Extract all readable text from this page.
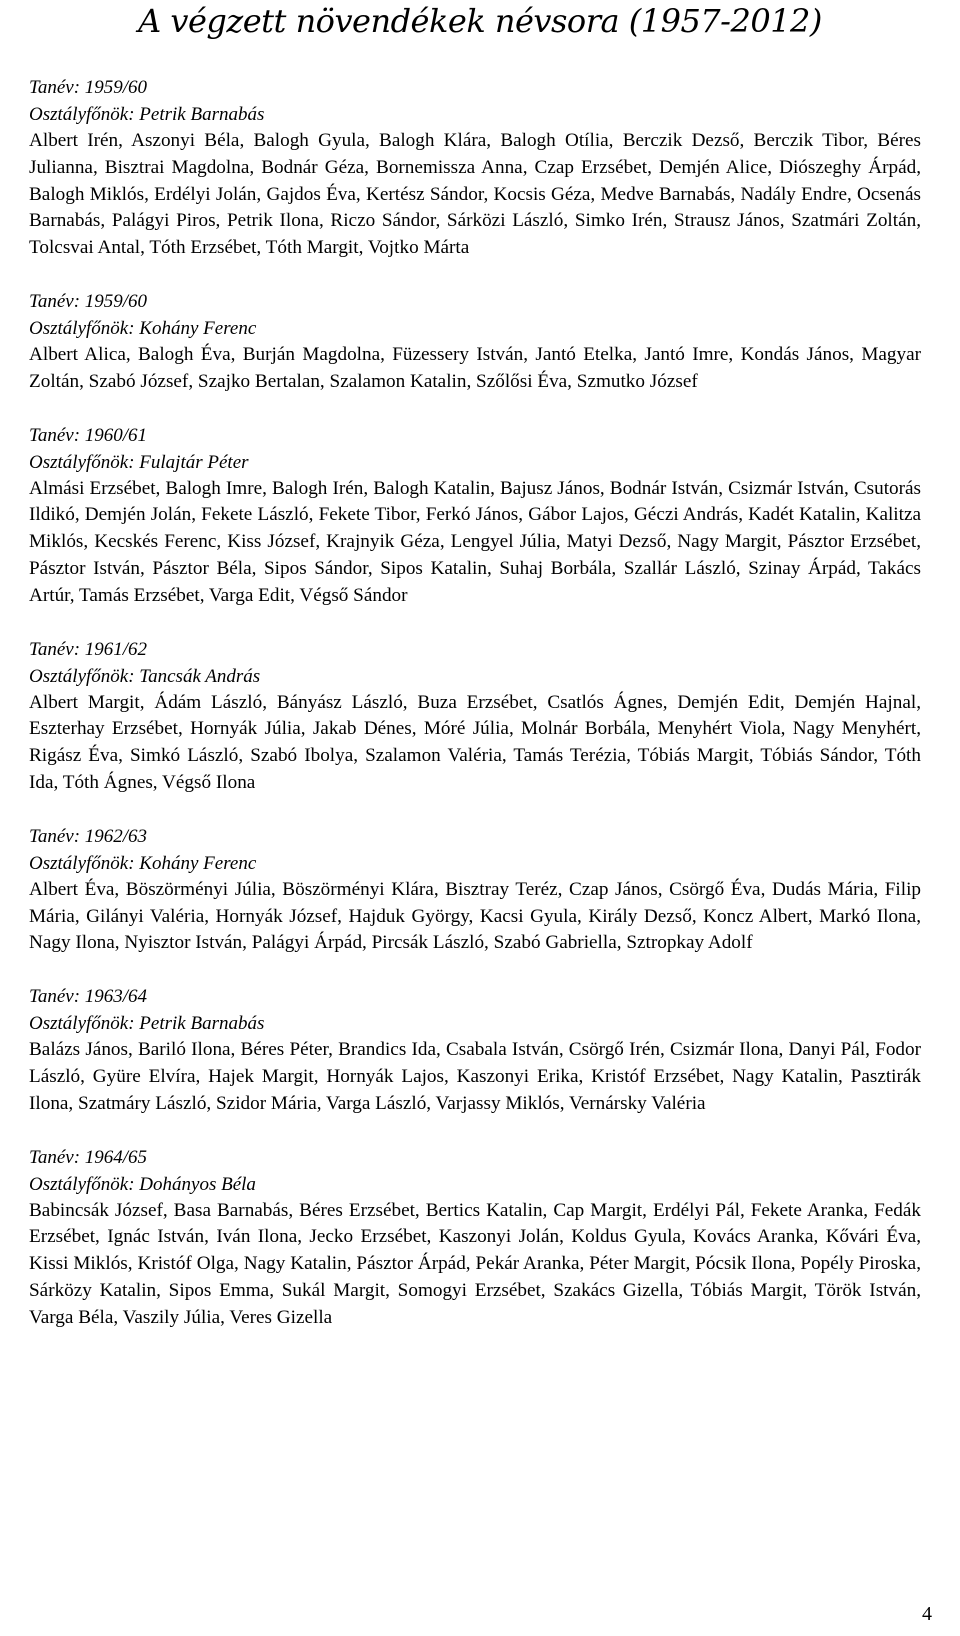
A végzett növendékek névsora (1957-2012)
Tanév: 1959/60
Osztályfőnök: Petrik Barnabás
Albert Irén, Aszonyi Béla, Balogh Gyula, Balogh Klára, Balogh Otília, Berczik Dezső, Berczik Tibor, Béres Julianna, Bisztrai Magdolna, Bodnár Géza, Bornemissza Anna, Czap Erzsébet, Demjén Alice, Diószeghy Árpád, Balogh Miklós, Erdélyi Jolán, Gajdos Éva, Kertész Sándor, Kocsis Géza, Medve Barnabás, Nadály Endre, Ocsenás Barnabás, Palágyi Piros, Petrik Ilona, Riczo Sándor, Sárközi László, Simko Irén, Strausz János, Szatmári Zoltán, Tolcsvai Antal, Tóth Erzsébet, Tóth Margit, Vojtko Márta
Tanév: 1959/60
Osztályfőnök: Kohány Ferenc
Albert Alica, Balogh Éva, Burján Magdolna, Füzessery István, Jantó Etelka, Jantó Imre, Kondás János, Magyar Zoltán, Szabó József, Szajko Bertalan, Szalamon Katalin, Szőlősi Éva, Szmutko József
Tanév: 1960/61
Osztályfőnök: Fulajtár Péter
Almási Erzsébet, Balogh Imre, Balogh Irén, Balogh Katalin, Bajusz János, Bodnár István, Csizmár István, Csutorás Ildikó, Demjén Jolán, Fekete László, Fekete Tibor, Ferkó János, Gábor Lajos, Géczi András, Kadét Katalin, Kalitza Miklós, Kecskés Ferenc, Kiss József, Krajnyik Géza, Lengyel Júlia, Matyi Dezső, Nagy Margit, Pásztor Erzsébet, Pásztor István, Pásztor Béla, Sipos Sándor, Sipos Katalin, Suhaj Borbála, Szallár László, Szinay Árpád, Takács Artúr, Tamás Erzsébet, Varga Edit, Végső Sándor
Tanév: 1961/62
Osztályfőnök: Tancsák András
Albert Margit, Ádám László, Bányász László, Buza Erzsébet, Csatlós Ágnes, Demjén Edit, Demjén Hajnal, Eszterhay Erzsébet, Hornyák Júlia, Jakab Dénes, Móré Júlia, Molnár Borbála, Menyhért Viola, Nagy Menyhért, Rigász Éva, Simkó László, Szabó Ibolya, Szalamon Valéria, Tamás Terézia, Tóbiás Margit, Tóbiás Sándor, Tóth Ida, Tóth Ágnes, Végső Ilona
Tanév: 1962/63
Osztályfőnök: Kohány Ferenc
Albert Éva, Böszörményi Júlia, Böszörményi Klára, Bisztray Teréz, Czap János, Csörgő Éva, Dudás Mária, Filip Mária, Gilányi Valéria, Hornyák József, Hajduk György, Kacsi Gyula, Király Dezső, Koncz Albert, Markó Ilona, Nagy Ilona, Nyisztor István, Palágyi Árpád, Pircsák László, Szabó Gabriella, Sztropkay Adolf
Tanév: 1963/64
Osztályfőnök: Petrik Barnabás
Balázs János, Bariló Ilona, Béres Péter, Brandics Ida, Csabala István, Csörgő Irén, Csizmár Ilona, Danyi Pál, Fodor László, Gyüre Elvíra, Hajek Margit, Hornyák Lajos, Kaszonyi Erika, Kristóf Erzsébet, Nagy Katalin, Pasztirák Ilona, Szatmáry László, Szidor Mária, Varga László, Varjassy Miklós, Vernársky Valéria
Tanév: 1964/65
Osztályfőnök: Dohányos Béla
Babincsák József, Basa Barnabás, Béres Erzsébet, Bertics Katalin, Cap Margit, Erdélyi Pál, Fekete Aranka, Fedák Erzsébet, Ignác István, Iván Ilona, Jecko Erzsébet, Kaszonyi Jolán, Koldus Gyula, Kovács Aranka, Kővári Éva, Kissi Miklós, Kristóf Olga, Nagy Katalin, Pásztor Árpád, Pekár Aranka, Péter Margit, Pócsik Ilona, Popély Piroska, Sárközy Katalin, Sipos Emma, Sukál Margit, Somogyi Erzsébet, Szakács Gizella, Tóbiás Margit, Török István, Varga Béla, Vaszily Júlia, Veres Gizella
4
